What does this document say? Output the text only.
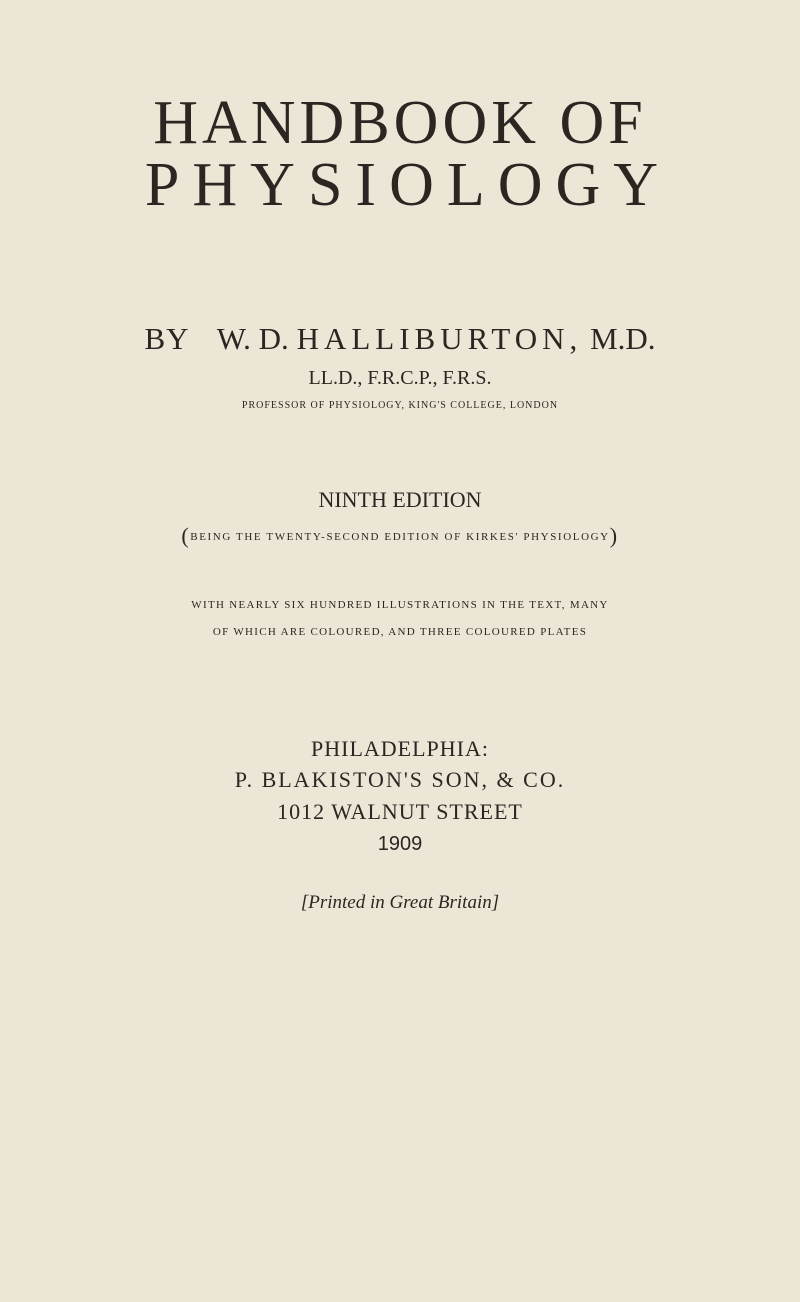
HANDBOOK OF
PHYSIOLOGY
BY W. D. HALLIBURTON, M.D.
LL.D., F.R.C.P., F.R.S.
PROFESSOR OF PHYSIOLOGY, KING'S COLLEGE, LONDON
NINTH EDITION
(BEING THE TWENTY-SECOND EDITION OF KIRKES' PHYSIOLOGY)
WITH NEARLY SIX HUNDRED ILLUSTRATIONS IN THE TEXT, MANY
OF WHICH ARE COLOURED, AND THREE COLOURED PLATES
PHILADELPHIA:
P. BLAKISTON'S SON, & CO.
1012 WALNUT STREET
1909
[Printed in Great Britain]
